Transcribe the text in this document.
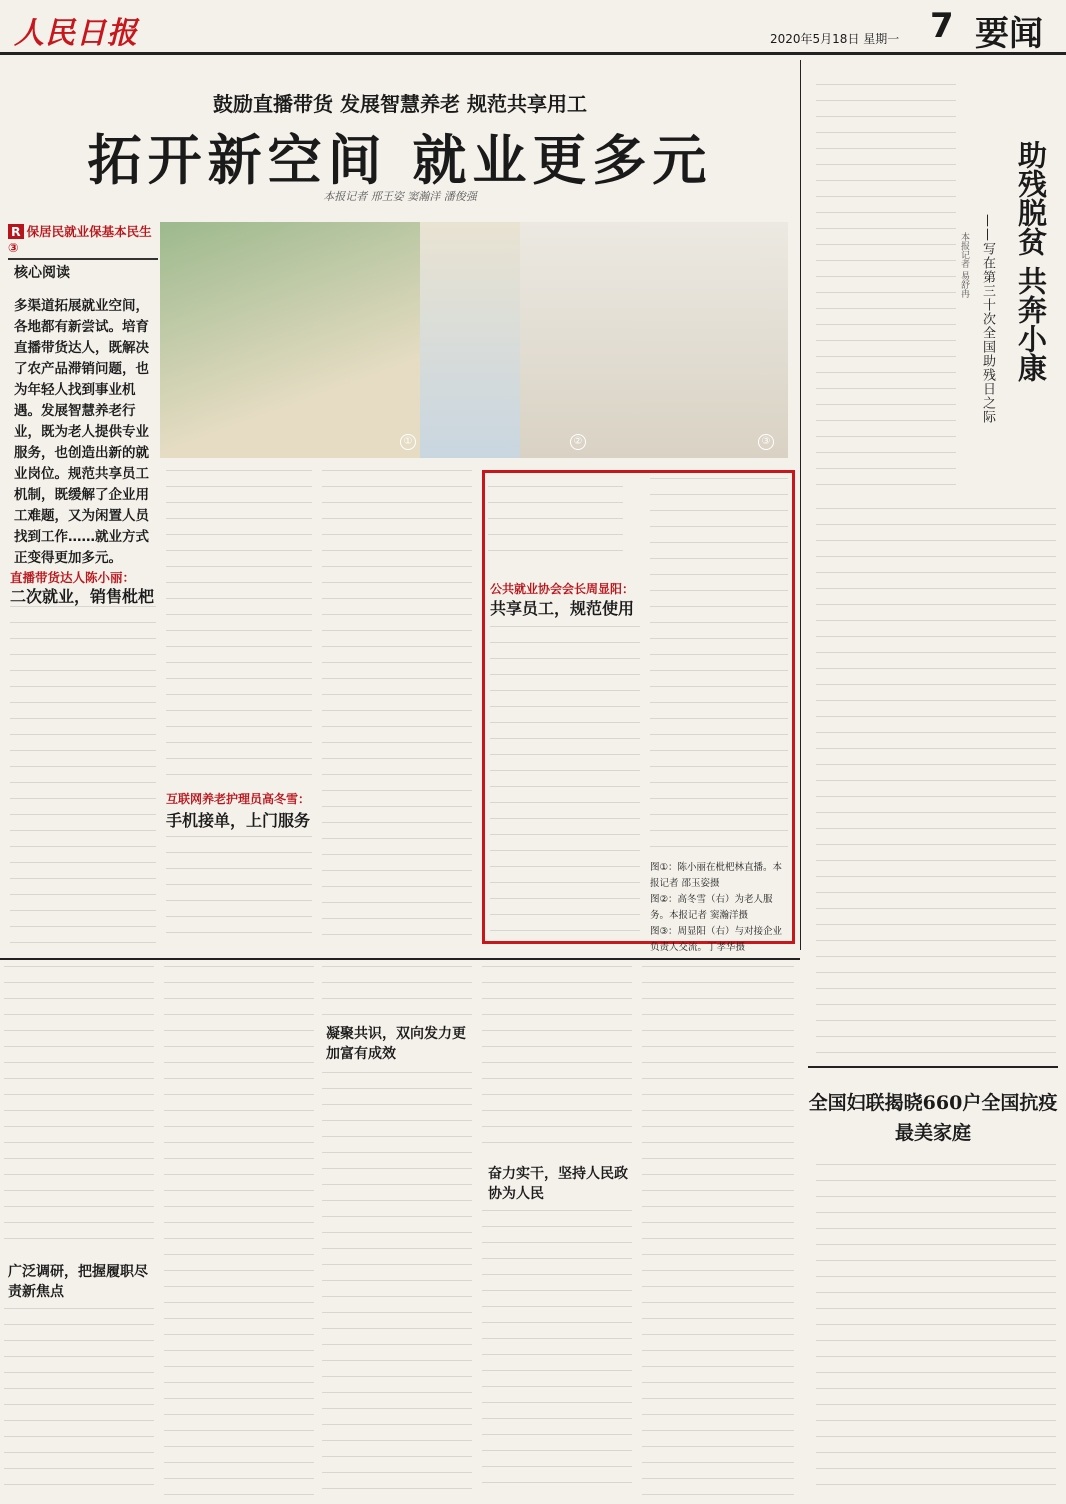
人民日报	2020年5月18日 星期一 7 要闻
鼓励直播带货 发展智慧养老 规范共享用工
拓开新空间 就业更多元
本报记者 邢王姿 窦瀚洋 潘俊强
R 保居民就业保基本民生③
核心阅读
多渠道拓展就业空间，各地都有新尝试。培育直播带货达人，既解决了农产品滞销问题，也为年轻人找到事业机遇。发展智慧养老行业，既为老人提供专业服务，也创造出新的就业岗位。规范共享员工机制，既缓解了企业用工难题，又为闲置人员找到工作……就业方式正变得更加多元。
①	②	③
直播带货达人陈小丽：
二次就业，销售枇杷
互联网养老护理员高冬雪：
手机接单，上门服务
公共就业协会会长周显阳：
共享员工，规范使用
图①：陈小丽在枇杷林直播。本报记者 邵玉姿摄
图②：高冬雪（右）为老人服务。本报记者 窦瀚洋摄
图③：周显阳（右）与对接企业负责人交流。丁孝华摄
助残脱贫 共奔小康
——写在第三十次全国助残日之际
本报记者 易舒冉
广泛调研，把握履职尽责新焦点
凝聚共识，双向发力更加富有成效
奋力实干，坚持人民政协为人民
全国妇联揭晓660户全国抗疫最美家庭
